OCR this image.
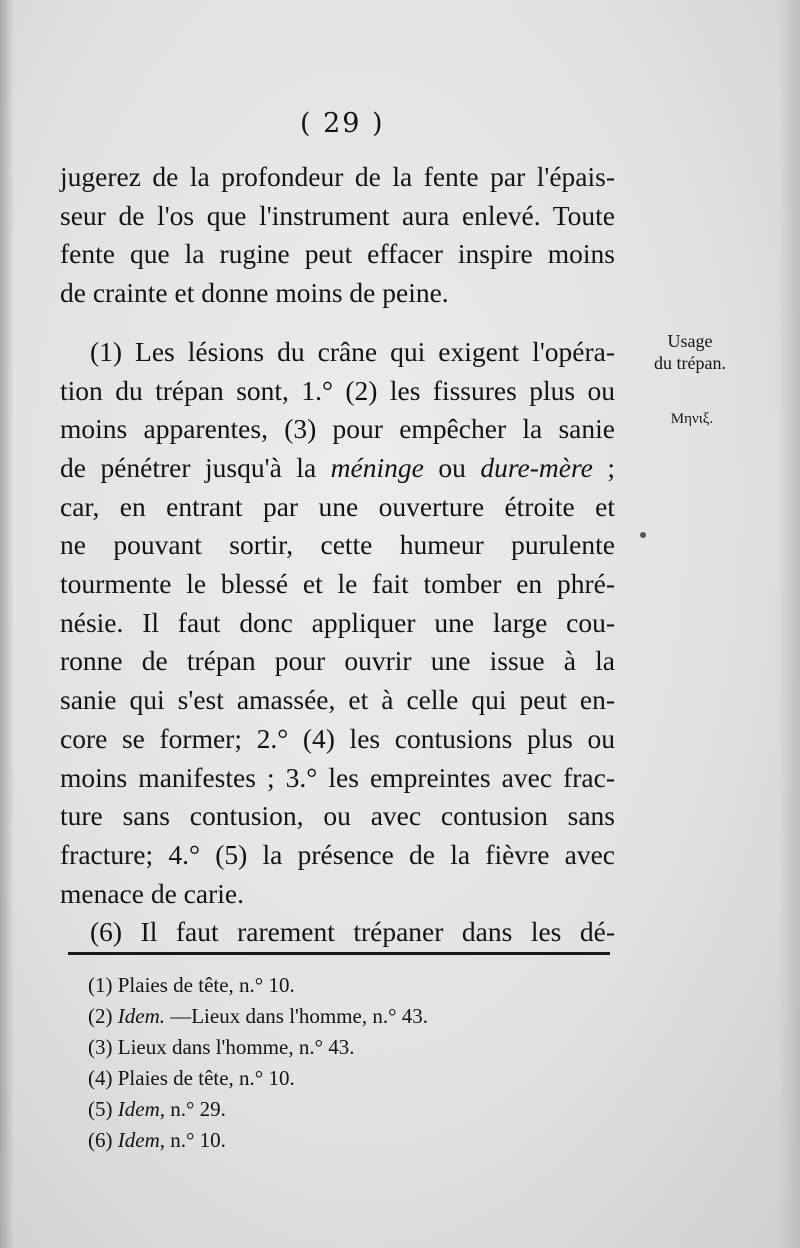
( 29 )
jugerez de la profondeur de la fente par l'épais-
seur de l'os que l'instrument aura enlevé. Toute
fente que la rugine peut effacer inspire moins
de crainte et donne moins de peine.
(1) Les lésions du crâne qui exigent l'opéra-
tion du trépan sont, 1.° (2) les fissures plus ou
moins apparentes, (3) pour empêcher la sanie
de pénétrer jusqu'à la méninge ou dure-mère ;
car, en entrant par une ouverture étroite et
ne pouvant sortir, cette humeur purulente
tourmente le blessé et le fait tomber en phré-
nésie. Il faut donc appliquer une large cou-
ronne de trépan pour ouvrir une issue à la
sanie qui s'est amassée, et à celle qui peut en-
core se former; 2.° (4) les contusions plus ou
moins manifestes ; 3.° les empreintes avec frac-
ture sans contusion, ou avec contusion sans
fracture; 4.° (5) la présence de la fièvre avec
menace de carie.
(6) Il faut rarement trépaner dans les dé-
Usage
du trépan.
Μηνιξ.
(1) Plaies de tête, n.° 10.
(2) Idem. —Lieux dans l'homme, n.° 43.
(3) Lieux dans l'homme, n.° 43.
(4) Plaies de tête, n.° 10.
(5) Idem, n.° 29.
(6) Idem, n.° 10.
